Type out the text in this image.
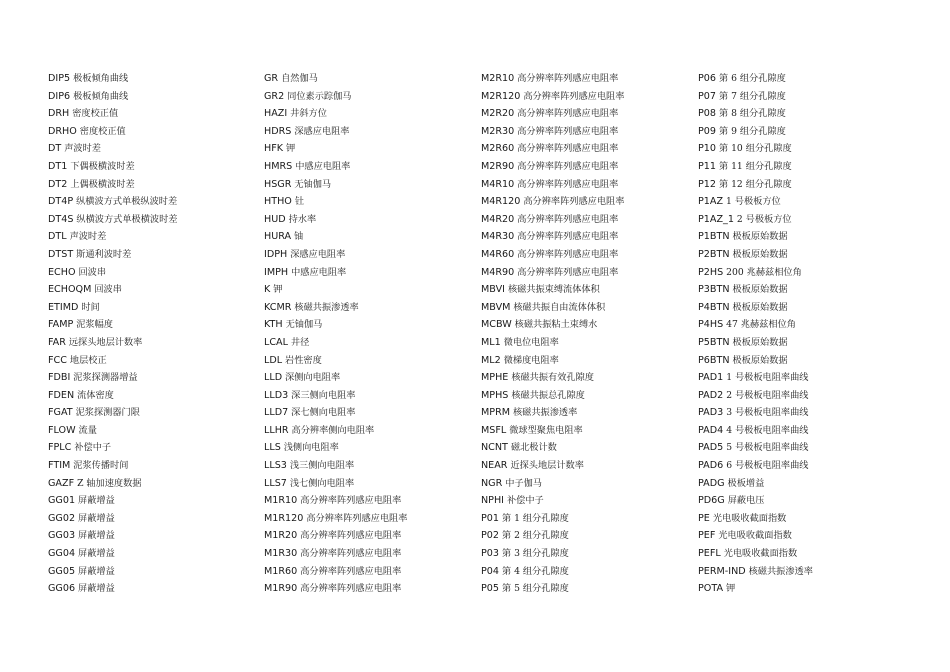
DIP5 极板倾角曲线
DIP6 极板倾角曲线
DRH 密度校正值
DRHO 密度校正值
DT 声波时差
DT1 下偶极横波时差
DT2 上偶极横波时差
DT4P 纵横波方式单极纵波时差
DT4S 纵横波方式单极横波时差
DTL 声波时差
DTST 斯通利波时差
ECHO 回波串
ECHOQM 回波串
ETIMD 时间
FAMP 泥浆幅度
FAR 远探头地层计数率
FCC 地层校正
FDBI 泥浆探测器增益
FDEN 流体密度
FGAT 泥浆探测器门限
FLOW 流量
FPLC 补偿中子
FTIM 泥浆传播时间
GAZF Z 轴加速度数据
GG01 屏蔽增益
GG02 屏蔽增益
GG03 屏蔽增益
GG04 屏蔽增益
GG05 屏蔽增益
GG06 屏蔽增益
GR 自然伽马
GR2 同位素示踪伽马
HAZI 井斜方位
HDRS 深感应电阻率
HFK 钾
HMRS 中感应电阻率
HSGR 无铀伽马
HTHO 钍
HUD 持水率
HURA 铀
IDPH 深感应电阻率
IMPH 中感应电阻率
K 钾
KCMR 核磁共振渗透率
KTH 无铀伽马
LCAL 井径
LDL 岩性密度
LLD 深侧向电阻率
LLD3 深三侧向电阻率
LLD7 深七侧向电阻率
LLHR 高分辨率侧向电阻率
LLS 浅侧向电阻率
LLS3 浅三侧向电阻率
LLS7 浅七侧向电阻率
M1R10 高分辨率阵列感应电阻率
M1R120 高分辨率阵列感应电阻率
M1R20 高分辨率阵列感应电阻率
M1R30 高分辨率阵列感应电阻率
M1R60 高分辨率阵列感应电阻率
M1R90 高分辨率阵列感应电阻率
M2R10 高分辨率阵列感应电阻率
M2R120 高分辨率阵列感应电阻率
M2R20 高分辨率阵列感应电阻率
M2R30 高分辨率阵列感应电阻率
M2R60 高分辨率阵列感应电阻率
M2R90 高分辨率阵列感应电阻率
M4R10 高分辨率阵列感应电阻率
M4R120 高分辨率阵列感应电阻率
M4R20 高分辨率阵列感应电阻率
M4R30 高分辨率阵列感应电阻率
M4R60 高分辨率阵列感应电阻率
M4R90 高分辨率阵列感应电阻率
MBVI 核磁共振束缚流体体积
MBVM 核磁共振自由流体体积
MCBW 核磁共振粘土束缚水
ML1 微电位电阻率
ML2 微梯度电阻率
MPHE 核磁共振有效孔隙度
MPHS 核磁共振总孔隙度
MPRM 核磁共振渗透率
MSFL 微球型聚焦电阻率
NCNT 磁北极计数
NEAR 近探头地层计数率
NGR 中子伽马
NPHI 补偿中子
P01 第 1 组分孔隙度
P02 第 2 组分孔隙度
P03 第 3 组分孔隙度
P04 第 4 组分孔隙度
P05 第 5 组分孔隙度
P06 第 6 组分孔隙度
P07 第 7 组分孔隙度
P08 第 8 组分孔隙度
P09 第 9 组分孔隙度
P10 第 10 组分孔隙度
P11 第 11 组分孔隙度
P12 第 12 组分孔隙度
P1AZ 1 号极板方位
P1AZ_1 2 号极板方位
P1BTN 极板原始数据
P2BTN 极板原始数据
P2HS 200 兆赫兹相位角
P3BTN 极板原始数据
P4BTN 极板原始数据
P4HS 47 兆赫兹相位角
P5BTN 极板原始数据
P6BTN 极板原始数据
PAD1 1 号极板电阻率曲线
PAD2 2 号极板电阻率曲线
PAD3 3 号极板电阻率曲线
PAD4 4 号极板电阻率曲线
PAD5 5 号极板电阻率曲线
PAD6 6 号极板电阻率曲线
PADG 极板增益
PD6G 屏蔽电压
PE 光电吸收截面指数
PEF 光电吸收截面指数
PEFL 光电吸收截面指数
PERM-IND 核磁共振渗透率
POTA 钾
